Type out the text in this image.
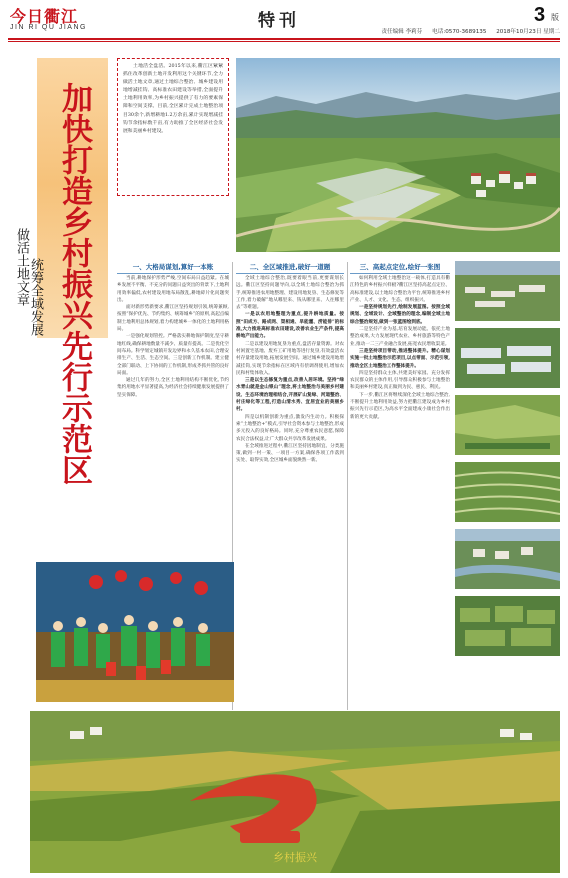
今日衢江
JIN RI QU JIANG	特刊	3 版
责任编辑 李莉芬 电话:0570-3689135 2018年10月23日 星期二
加快打造乡村振兴先行示范区
做活土地文章 统筹全域发展
土地活全盘活。2015年以来,衢江区紧紧抓住改革创新土地开发利用这个关键环节,全力做活土地文章,通过土地综合整治、城乡建设用地增减挂钩、高标准农田建设等举措,全面提升土地利用效率,为乡村振兴提供了有力的要素保障和空间支撑。目前,全区累计完成土地整治项目30余个,新增耕地1.2万余亩,累计实现增减挂钩节余指标数千亩,有力助推了全区经济社会发展和美丽乡村建设。
一、大格局谋划,算好一本账

当前,耕地保护形势严峻,空间布局日益趋紧。在城乡发展不平衡、不充分的问题日益突出的背景下,土地利用效率偏低,农村建设用地布局散乱,耕地碎片化问题突出。

面对新形势新要求,衢江区坚持规划引领,统筹兼顾,按照“保护优先、节约集约、统筹城乡”的原则,高起点编制土地利用总体规划,着力构建城乡一体化的土地利用格局。

一是强化规划管控。严格落实耕地保护制度,坚守耕地红线,确保耕地数量不减少、质量有提高。二是优化空间布局。科学划定城镇开发边界和永久基本农田,合理安排生产、生活、生态空间。三是创新工作机制。建立健全部门联动、上下协同的工作机制,形成齐抓共管的良好局面。

通过几年的努力,全区土地利用结构不断优化,节约集约用地水平显著提高,为经济社会持续健康发展提供了坚实保障。

二、全区域推进,破好一道题

全域土地综合整治,既要着眼当前,更要谋划长远。衢江区坚持问题导向,以全域土地综合整治为抓手,统筹推进农用地整理、建设用地复垦、生态修复等工作,着力破解“地从哪里来、钱从哪里来、人往哪里去”等难题。

一是以农用地整理为重点,提升耕地质量。按照“田成方、路成网、渠相通、旱能灌、涝能排”的标准,大力推进高标准农田建设,改善农业生产条件,提高耕地产出能力。

二是以建设用地复垦为重点,盘活存量资源。对农村闲置宅基地、废弃工矿用地等进行复垦,有效盘活农村存量建设用地,拓展发展空间。通过城乡建设用地增减挂钩,实现节余指标在区域内有偿调剂使用,增加农民和村集体收入。

三是以生态修复为重点,改善人居环境。坚持“绿水青山就是金山银山”理念,将土地整治与美丽乡村建设、生态环境治理相结合,开展矿山复绿、河道整治、村庄绿化等工程,打造山清水秀、宜居宜业的美丽乡村。

四是以机制创新为重点,激发内生动力。积极探索“土地整治+”模式,引导社会资本参与土地整治,形成多元投入的良好格局。同时,充分尊重农民意愿,保障农民合法权益,让广大群众共享改革发展成果。

在全域推进过程中,衢江区坚持因地制宜、分类施策,做到一村一策、一项目一方案,确保各项工作落到实处、取得实效,全区城乡面貌焕然一新。

三、高起点定位,绘好一张图

如何利用全域土地整治这一载体,打造具有衢江特色的乡村振兴样板?衢江区坚持高起点定位、高标准建设,以土地综合整治为平台,统筹推进乡村产业、人才、文化、生态、组织振兴。

一是坚持规划先行,绘制发展蓝图。按照全域规划、全域设计、全域整治的理念,编制全域土地综合整治规划,做到一张蓝图绘到底。

二是坚持产业为基,培育发展动能。依托土地整治成果,大力发展现代农业、乡村旅游等特色产业,推动一二三产业融合发展,拓宽农民增收渠道。

三是坚持项目带动,推进整体提升。精心谋划实施一批土地整治示范项目,以点带面、示范引领,推动全区土地整治工作整体提升。

四是坚持群众主体,共建美好家园。充分发挥农民群众的主体作用,引导群众积极参与土地整治和美丽乡村建设,真正做到为民、惠民、利民。

下一步,衢江区将继续深化全域土地综合整治,不断提升土地利用效益,努力把衢江建设成为乡村振兴先行示范区,为高水平全面建成小康社会作出新的更大贡献。

乡村振兴
